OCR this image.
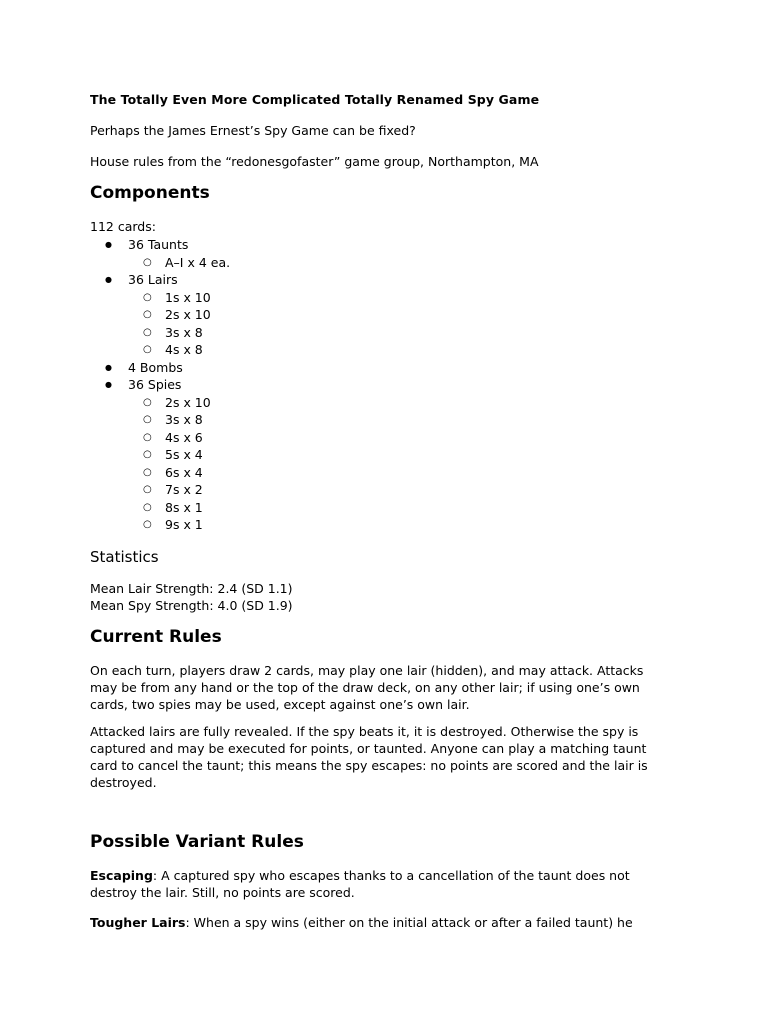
The Totally Even More Complicated Totally Renamed Spy Game
Perhaps the James Ernest’s Spy Game can be fixed?
House rules from the “redonesgofaster” game group, Northampton, MA
Components
112 cards:
● 36 Taunts
○ A–I x 4 ea.
● 36 Lairs
○ 1s x 10
○ 2s x 10
○ 3s x 8
○ 4s x 8
● 4 Bombs
● 36 Spies
○ 2s x 10
○ 3s x 8
○ 4s x 6
○ 5s x 4
○ 6s x 4
○ 7s x 2
○ 8s x 1
○ 9s x 1
Statistics
Mean Lair Strength: 2.4 (SD 1.1)
Mean Spy Strength: 4.0 (SD 1.9)
Current Rules
On each turn, players draw 2 cards, may play one lair (hidden), and may attack. Attacks
may be from any hand or the top of the draw deck, on any other lair; if using one’s own
cards, two spies may be used, except against one’s own lair.
Attacked lairs are fully revealed. If the spy beats it, it is destroyed. Otherwise the spy is
captured and may be executed for points, or taunted. Anyone can play a matching taunt
card to cancel the taunt; this means the spy escapes: no points are scored and the lair is
destroyed.
Possible Variant Rules
Escaping: A captured spy who escapes thanks to a cancellation of the taunt does not
destroy the lair. Still, no points are scored.
Tougher Lairs: When a spy wins (either on the initial attack or after a failed taunt) he
